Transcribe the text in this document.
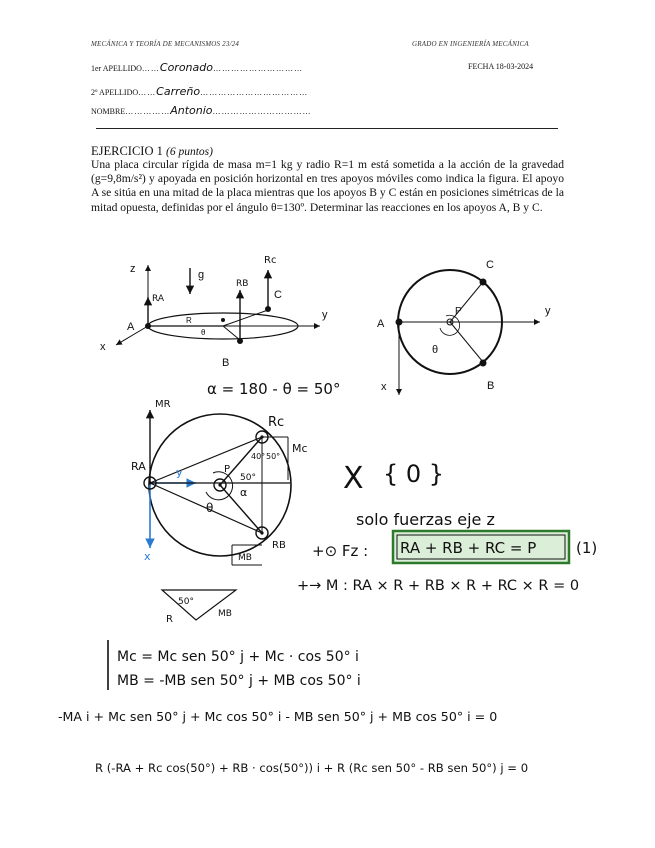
MECÁNICA Y TEORÍA DE MECANISMOS 23/24	GRADO EN INGENIERÍA MECÁNICA
1er APELLIDO……Coronado…………………………
2º APELLIDO……Carreño………………………………
NOMBRE……………Antonio……………………………
FECHA 18-03-2024
EJERCICIO 1 (6 puntos)
Una placa circular rígida de masa m=1 kg y radio R=1 m está sometida a la acción de la gravedad (g=9,8m/s²) y apoyada en posición horizontal en tres apoyos móviles como indica la figura. El apoyo A se sitúa en una mitad de la placa mientras que los apoyos B y C están en posiciones simétricas de la mitad opuesta, definidas por el ángulo θ=130º. Determinar las reacciones en los apoyos A, B y C.
z	g
Rc
RB
RA	C
A
B
y
x
R
θ
C
A
B
y
x
θ
P
α = 180 - θ = 50°
MR
RA
Rc
RB
Mc
MB
y
x
P
50°
40° 50°
θ
α
50°
R	MB
X { 0 }
solo fuerzas eje z
+⊙ Fz : RA + RB + RC = P	(1)
+→ M : RA × R + RB × R + RC × R = 0
Mc = Mc sen 50° j + Mc · cos 50° i
MB = -MB sen 50° j + MB cos 50° i
-MA i + Mc sen 50° j + Mc cos 50° i - MB sen 50° j + MB cos 50° i = 0
R (-RA + Rc cos(50°) + RB · cos(50°)) i + R (Rc sen 50° - RB sen 50°) j = 0
